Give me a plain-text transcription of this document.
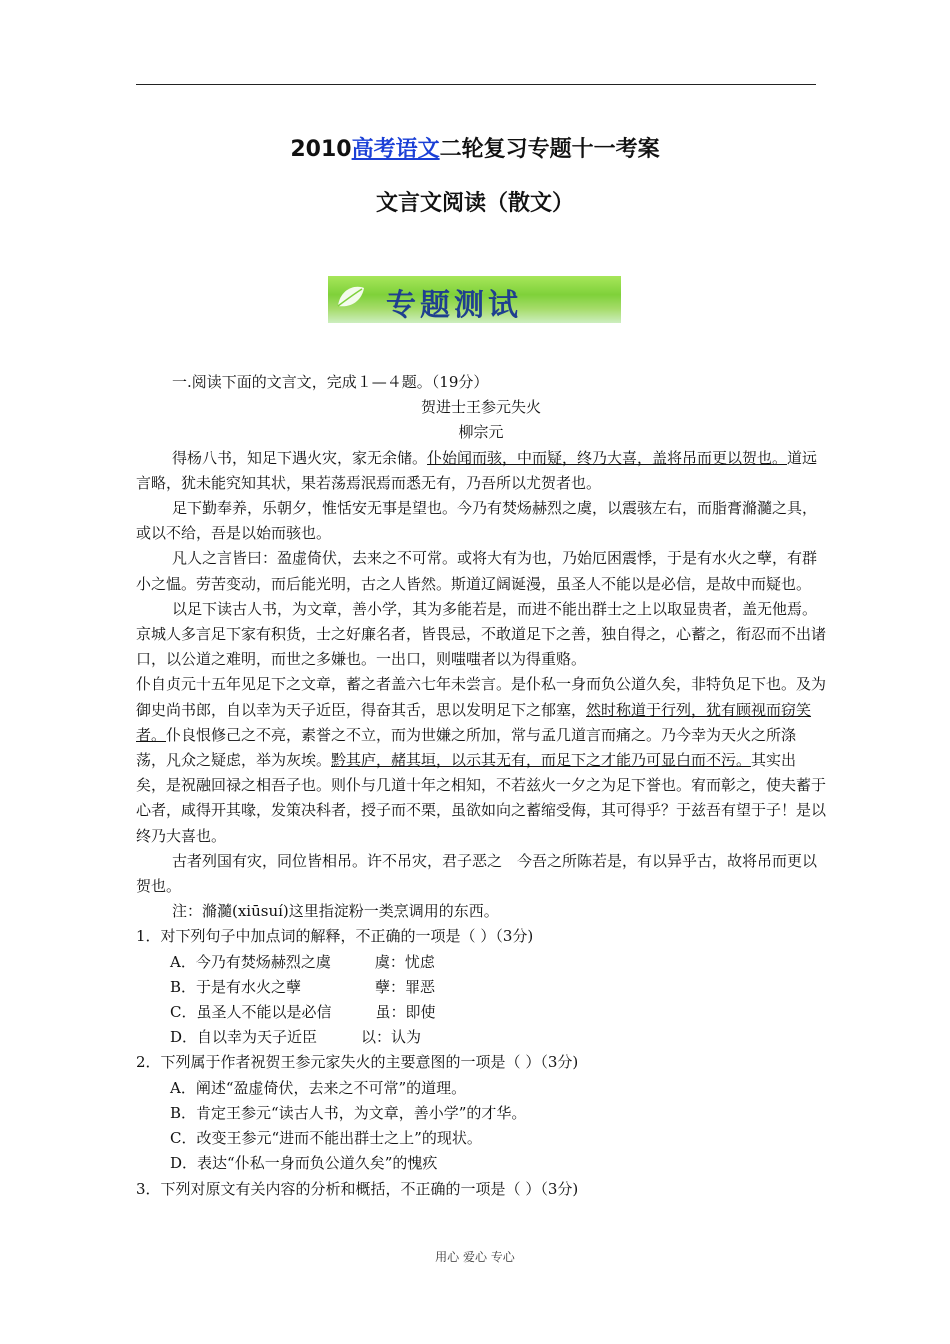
2010高考语文二轮复习专题十一考案
文言文阅读（散文）
专题测试

一.阅读下面的文言文，完成１—４题。（19分）

贺进士王参元失火

柳宗元

得杨八书，知足下遇火灾，家无余储。仆始闻而骇，中而疑，终乃大喜，盖将吊而更以贺也。道远言略，犹未能究知其状，果若荡焉泯焉而悉无有，乃吾所以尤贺者也。

足下勤奉养，乐朝夕，惟恬安无事是望也。今乃有焚炀赫烈之虞，以震骇左右，而脂膏滫瀡之具，或以不给，吾是以始而骇也。

凡人之言皆曰：盈虚倚伏，去来之不可常。或将大有为也，乃始厄困震悸，于是有水火之孽，有群小之愠。劳苦变动，而后能光明，古之人皆然。斯道辽阔诞漫，虽圣人不能以是必信，是故中而疑也。

以足下读古人书，为文章，善小学，其为多能若是，而进不能出群士之上以取显贵者，盖无他焉。京城人多言足下家有积货，士之好廉名者，皆畏忌，不敢道足下之善，独自得之，心蓄之，衔忍而不出诸口，以公道之难明，而世之多嫌也。一出口，则嗤嗤者以为得重赂。

仆自贞元十五年见足下之文章，蓄之者盖六七年未尝言。是仆私一身而负公道久矣，非特负足下也。及为御史尚书郎，自以幸为天子近臣，得奋其舌，思以发明足下之郁塞，然时称道于行列，犹有顾视而窃笑者。仆良恨修己之不亮，素誉之不立，而为世嫌之所加，常与孟几道言而痛之。乃今幸为天火之所涤荡，凡众之疑虑，举为灰埃。黔其庐，赭其垣，以示其无有，而足下之才能乃可显白而不污。其实出矣，是祝融回禄之相吾子也。则仆与几道十年之相知，不若兹火一夕之为足下誉也。宥而彰之，使夫蓄于心者，咸得开其喙，发策决科者，授子而不栗，虽欲如向之蓄缩受侮，其可得乎？于兹吾有望于子！是以终乃大喜也。

古者列国有灾，同位皆相吊。许不吊灾，君子恶之　今吾之所陈若是，有以异乎古，故将吊而更以贺也。

注：滫瀡(xiūsuí)这里指淀粉一类烹调用的东西。

1．对下列句子中加点词的解释，不正确的一项是（ ）（3分)

A．今乃有焚炀赫烈之虞	虞：忧虑

B．于是有水火之孽	孽：罪恶

C．虽圣人不能以是必信	虽：即使

D．自以幸为天子近臣	以：认为

2．下列属于作者祝贺王参元家失火的主要意图的一项是（ ）（3分)

A．阐述“盈虚倚伏，去来之不可常”的道理。

B．肯定王参元“读古人书，为文章，善小学”的才华。

C．改变王参元“进而不能出群士之上”的现状。

D．表达“仆私一身而负公道久矣”的愧疚

3．下列对原文有关内容的分析和概括，不正确的一项是（ ）（3分)

用心 爱心 专心
